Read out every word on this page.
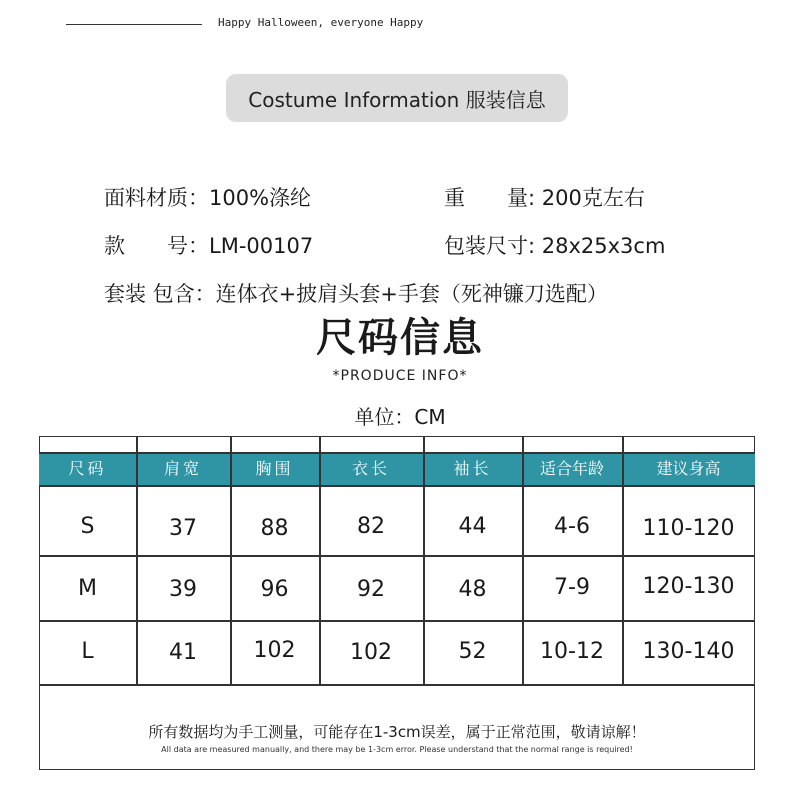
Happy Halloween, everyone Happy
Costume Information 服装信息
面料材质：100%涤纶	重　　量: 200克左右
款　　号：LM-00107	包装尺寸: 28x25x3cm
套装 包含：连体衣+披肩头套+手套（死神镰刀选配）
尺码信息
*PRODUCE INFO*
单位：CM
尺码	肩宽	胸围	衣长	袖长	适合年龄	建议身高
S	37	88	82	44	4-6	110-120
M	39	96	92	48	7-9	120-130
L	41	102	102	52	10-12	130-140
所有数据均为手工测量，可能存在1-3cm误差，属于正常范围，敬请谅解！
All data are measured manually, and there may be 1-3cm error. Please understand that the normal range is required!
